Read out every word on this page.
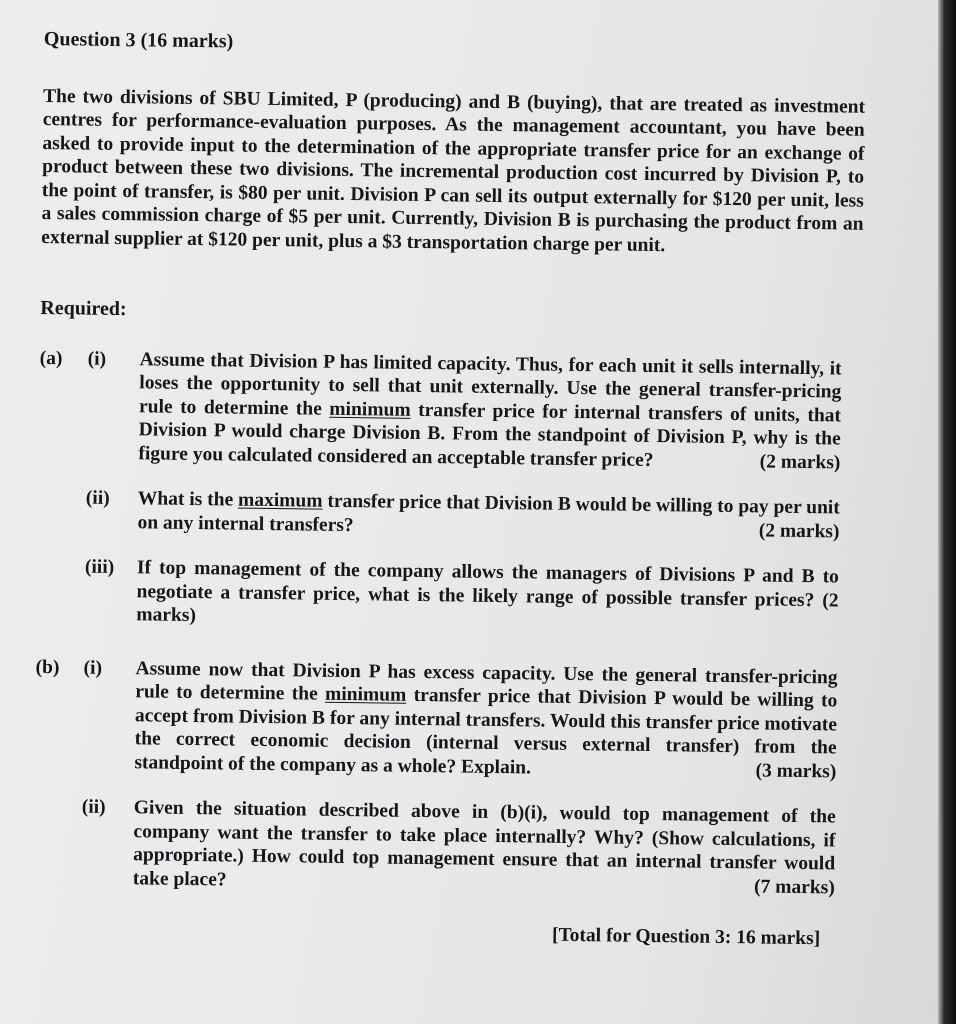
Question 3 (16 marks)

The two divisions of SBU Limited, P (producing) and B (buying), that are treated as investment centres for performance-evaluation purposes. As the management accountant, you have been asked to provide input to the determination of the appropriate transfer price for an exchange of product between these two divisions. The incremental production cost incurred by Division P, to the point of transfer, is $80 per unit. Division P can sell its output externally for $120 per unit, less a sales commission charge of $5 per unit. Currently, Division B is purchasing the product from an external supplier at $120 per unit, plus a $3 transportation charge per unit.

Required:
(a)	(i)	Assume that Division P has limited capacity. Thus, for each unit it sells internally, it loses the opportunity to sell that unit externally. Use the general transfer-pricing rule to determine the minimum transfer price for internal transfers of units, that Division P would charge Division B. From the standpoint of Division P, why is the figure you calculated considered an acceptable transfer price?	(2 marks)
(ii)	What is the maximum transfer price that Division B would be willing to pay per unit on any internal transfers?	(2 marks)
(iii)	If top management of the company allows the managers of Divisions P and B to negotiate a transfer price, what is the likely range of possible transfer prices? (2 marks)
(b)	(i)	Assume now that Division P has excess capacity. Use the general transfer-pricing rule to determine the minimum transfer price that Division P would be willing to accept from Division B for any internal transfers. Would this transfer price motivate the correct economic decision (internal versus external transfer) from the standpoint of the company as a whole? Explain.	(3 marks)
(ii)	Given the situation described above in (b)(i), would top management of the company want the transfer to take place internally? Why? (Show calculations, if appropriate.) How could top management ensure that an internal transfer would take place?	(7 marks)
[Total for Question 3: 16 marks]
